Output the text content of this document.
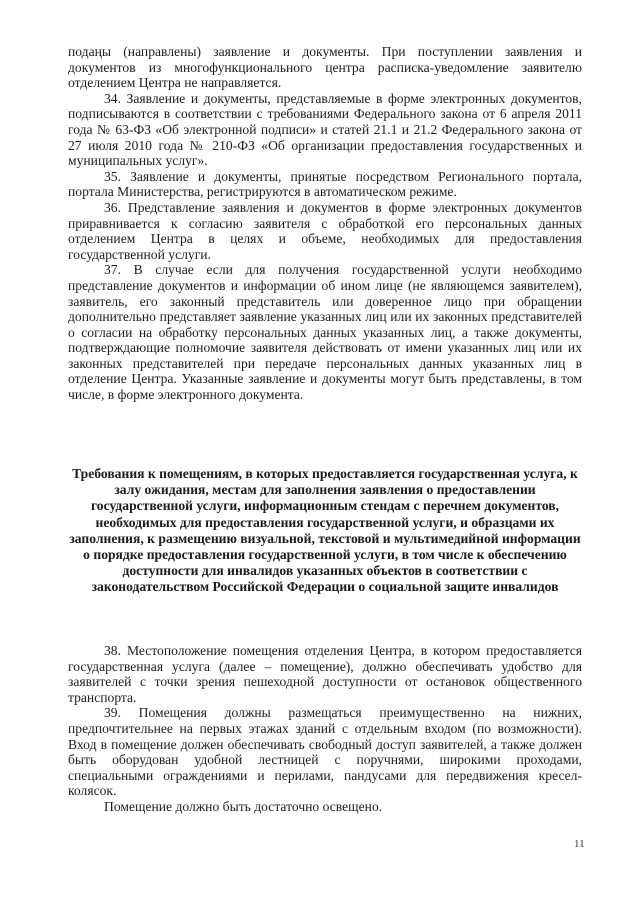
подаңы (направлены) заявление и документы. При поступлении заявления и документов из многофункционального центра расписка-уведомление заявителю отделением Центра не направляется.

34. Заявление и документы, представляемые в форме электронных документов, подписываются в соответствии с требованиями Федерального закона от 6 апреля 2011 года № 63-ФЗ «Об электронной подписи» и статей 21.1 и 21.2 Федерального закона от 27 июля 2010 года № 210-ФЗ «Об организации предоставления государственных и муниципальных услуг».

35. Заявление и документы, принятые посредством Регионального портала, портала Министерства, регистрируются в автоматическом режиме.

36. Представление заявления и документов в форме электронных документов приравнивается к согласию заявителя с обработкой его персональных данных отделением Центра в целях и объеме, необходимых для предоставления государственной услуги.

37. В случае если для получения государственной услуги необходимо представление документов и информации об ином лице (не являющемся заявителем), заявитель, его законный представитель или доверенное лицо при обращении дополнительно представляет заявление указанных лиц или их законных представителей о согласии на обработку персональных данных указанных лиц, а также документы, подтверждающие полномочие заявителя действовать от имени указанных лиц или их законных представителей при передаче персональных данных указанных лиц в отделение Центра. Указанные заявление и документы могут быть представлены, в том числе, в форме электронного документа.

Требования к помещениям, в которых предоставляется государственная услуга, к залу ожидания, местам для заполнения заявления о предоставлении государственной услуги, информационным стендам с перечнем документов, необходимых для предоставления государственной услуги, и образцами их заполнения, к размещению визуальной, текстовой и мультимедийной информации о порядке предоставления государственной услуги, в том числе к обеспечению доступности для инвалидов указанных объектов в соответствии с законодательством Российской Федерации о социальной защите инвалидов

38. Местоположение помещения отделения Центра, в котором предоставляется государственная услуга (далее – помещение), должно обеспечивать удобство для заявителей с точки зрения пешеходной доступности от остановок общественного транспорта.

39. Помещения должны размещаться преимущественно на нижних, предпочтительнее на первых этажах зданий с отдельным входом (по возможности). Вход в помещение должен обеспечивать свободный доступ заявителей, а также должен быть оборудован удобной лестницей с поручнями, широкими проходами, специальными ограждениями и перилами, пандусами для передвижения кресел-колясок.

Помещение должно быть достаточно освещено.

11
